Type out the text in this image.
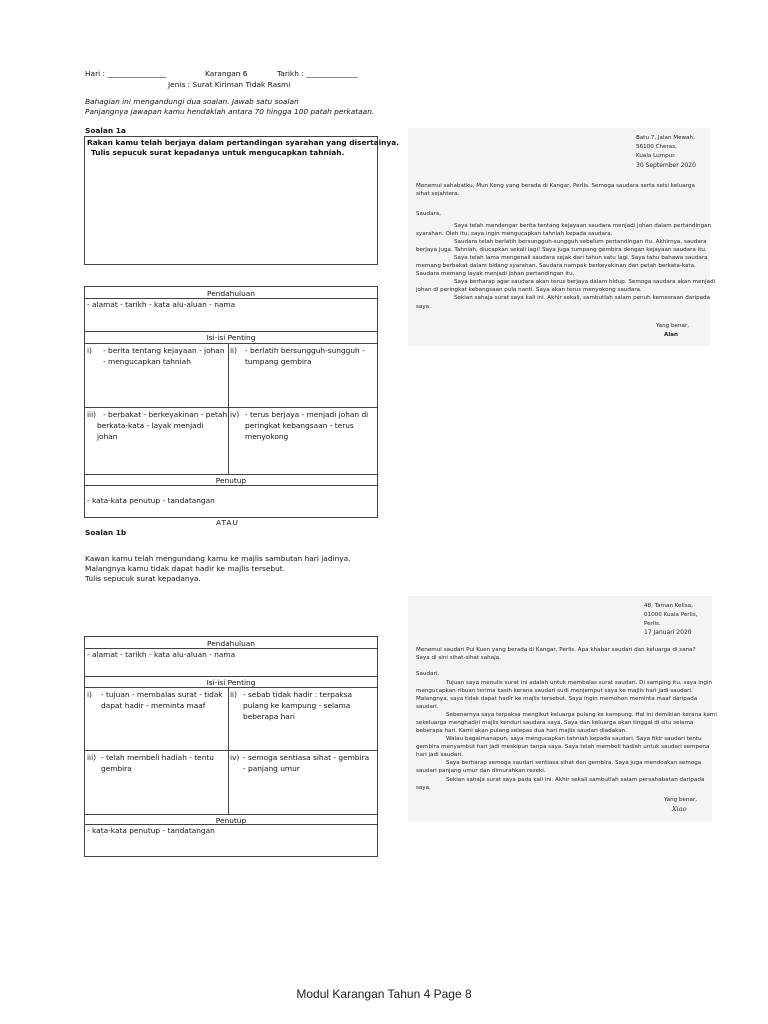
Hari : ________________	Karangan 6	Tarikh : ______________
Jenis : Surat Kiriman Tidak Rasmi
Bahagian ini mengandungi dua soalan. Jawab satu soalan
Panjangnya jawapan kamu hendaklah antara 70 hingga 100 patah perkataan.
Soalan 1a
Rakan kamu telah berjaya dalam pertandingan syarahan yang disertainya.
Tulis sepucuk surat kepadanya untuk mengucapkan tahniah.
Pendahuluan
- alamat - tarikh - kata alu-aluan - nama
Isi-isi Penting
i) - berita tentang kejayaan - johan
- mengucapkan tahniah
ii) - berlatih bersungguh-sungguh -
tumpang gembira
iii) - berbakat - berkeyakinan - petah
berkata-kata - layak menjadi
johan
iv) - terus berjaya - menjadi johan di
peringkat kebangsaan - terus
menyokong
Penutup
- kata-kata penutup - tandatangan
ATAU
Soalan 1b
Kawan kamu telah mengundang kamu ke majlis sambutan hari jadinya.
Malangnya kamu tidak dapat hadir ke majlis tersebut.
Tulis sepucuk surat kepadanya.
Pendahuluan
- alamat - tarikh - kata alu-aluan - nama
Isi-isi Penting
i) - tujuan - membalas surat - tidak
dapat hadir - meminta maaf
ii) - sebab tidak hadir : terpaksa
pulang ke kampung - selama
beberapa hari
iii) - telah membeli hadiah - tentu
gembira
iv) - semoga sentiasa sihat - gembira
- panjang umur
Penutup
- kata-kata penutup - tandatangan
Batu 7, Jalan Mewah,
56100 Cheras,
Kuala Lumpur.
30 September 2020
Menemui sahabatku, Mun Keng yang berada di Kangar, Perlis. Semoga saudara serta seisi keluarga
sihat sejahtera.
Saudara,
Saya telah mendengar berita tentang kejayaan saudara menjadi johan dalam pertandingan
syarahan. Oleh itu, saya ingin mengucapkan tahniah kepada saudara.
Saudara telah berlatih bersungguh-sungguh sebelum pertandingan itu. Akhirnya, saudara
berjaya juga. Tahniah, diucapkan sekali lagi! Saya juga tumpang gembira dengan kejayaan saudara itu.
Saya telah lama mengenali saudara sejak dari tahun satu lagi. Saya tahu bahawa saudara
memang berbakat dalam bidang syarahan. Saudara nampak berkeyakinan dan petah berkata-kata.
Saudara memang layak menjadi johan pertandingan itu.
Saya berharap agar saudara akan terus berjaya dalam hidup. Semoga saudara akan menjadi
johan di peringkat kebangsaan pula nanti. Saya akan terus menyokong saudara.
Sekian sahaja surat saya kali ini. Akhir sekali, sambutlah salam penuh kemesraan daripada
saya.
Yang benar,
Alan
48, Taman Kelisa,
01000 Kuala Perlis,
Perlis.
17 Januari 2020
Menemui saudari Pui Kuen yang berada di Kangar, Perlis. Apa khabar saudari dan keluarga di sana?
Saya di sini sihat-sihat sahaja.
Saudari,
Tujuan saya menulis surat ini adalah untuk membalas surat saudari. Di samping itu, saya ingin
mengucapkan ribuan terima kasih kerana saudari sudi menjemput saya ke majlis hari jadi saudari.
Malangnya, saya tidak dapat hadir ke majlis tersebut. Saya ingin memohon meminta maaf daripada
saudari.
Sebenarnya saya terpaksa mengikut keluarga pulang ke kampung. Hal ini demikian kerana kami
sekeluarga menghadiri majlis kenduri saudara saya. Saya dan keluarga akan tinggal di situ selama
beberapa hari. Kami akan pulang selepas dua hari majlis saudari diadakan.
Walau bagaimanapun, saya mengucapkan tahniah kepada saudari. Saya fikir saudari tentu
gembira menyambut hari jadi meskipun tanpa saya. Saya telah membeli hadiah untuk saudari sempena
hari jadi saudari.
Saya berharap semoga saudari sentiasa sihat dan gembira. Saya juga mendoakan semoga
saudari panjang umur dan dimurahkan rezeki.
Sekian sahaja surat saya pada kali ini. Akhir sekali sambutlah salam persahabatan daripada
saya.
Yang benar,
Xiao
Modul Karangan Tahun 4 Page 8
